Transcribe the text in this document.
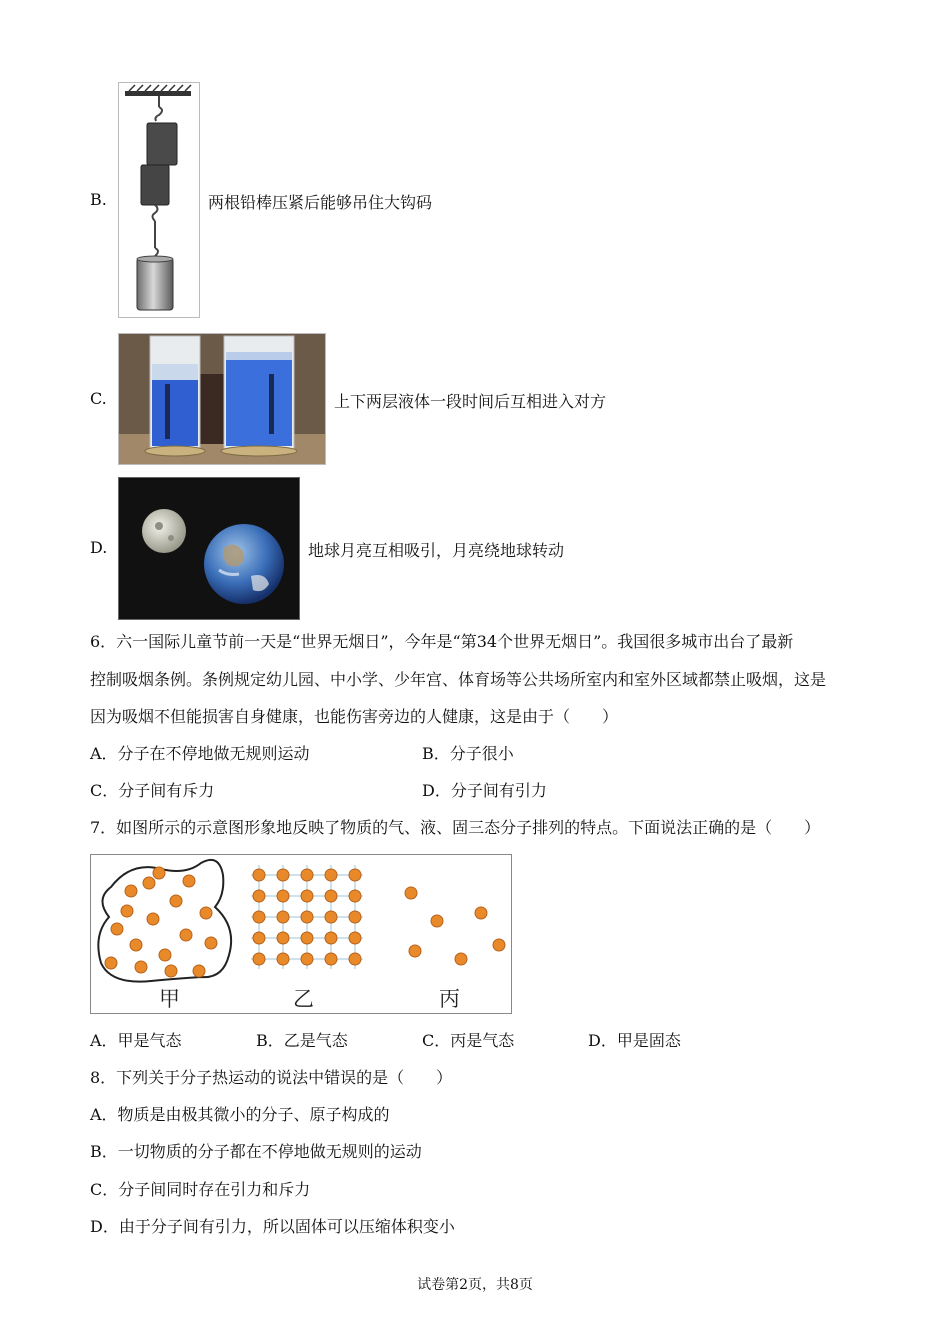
B.	两根铅棒压紧后能够吊住大钩码
C.	上下两层液体一段时间后互相进入对方
D.	地球月亮互相吸引，月亮绕地球转动
6．六一国际儿童节前一天是“世界无烟日”，今年是“第34个世界无烟日”。我国很多城市出台了最新
控制吸烟条例。条例规定幼儿园、中小学、少年宫、体育场等公共场所室内和室外区域都禁止吸烟，这是
因为吸烟不但能损害自身健康，也能伤害旁边的人健康，这是由于（　　）
A．分子在不停地做无规则运动	B．分子很小
C．分子间有斥力	D．分子间有引力
7．如图所示的示意图形象地反映了物质的气、液、固三态分子排列的特点。下面说法正确的是（　　）
甲	乙	丙
A．甲是气态	B．乙是气态	C．丙是气态	D．甲是固态
8．下列关于分子热运动的说法中错误的是（　　）
A．物质是由极其微小的分子、原子构成的
B．一切物质的分子都在不停地做无规则的运动
C．分子间同时存在引力和斥力
D．由于分子间有引力，所以固体可以压缩体积变小
试卷第2页，共8页
